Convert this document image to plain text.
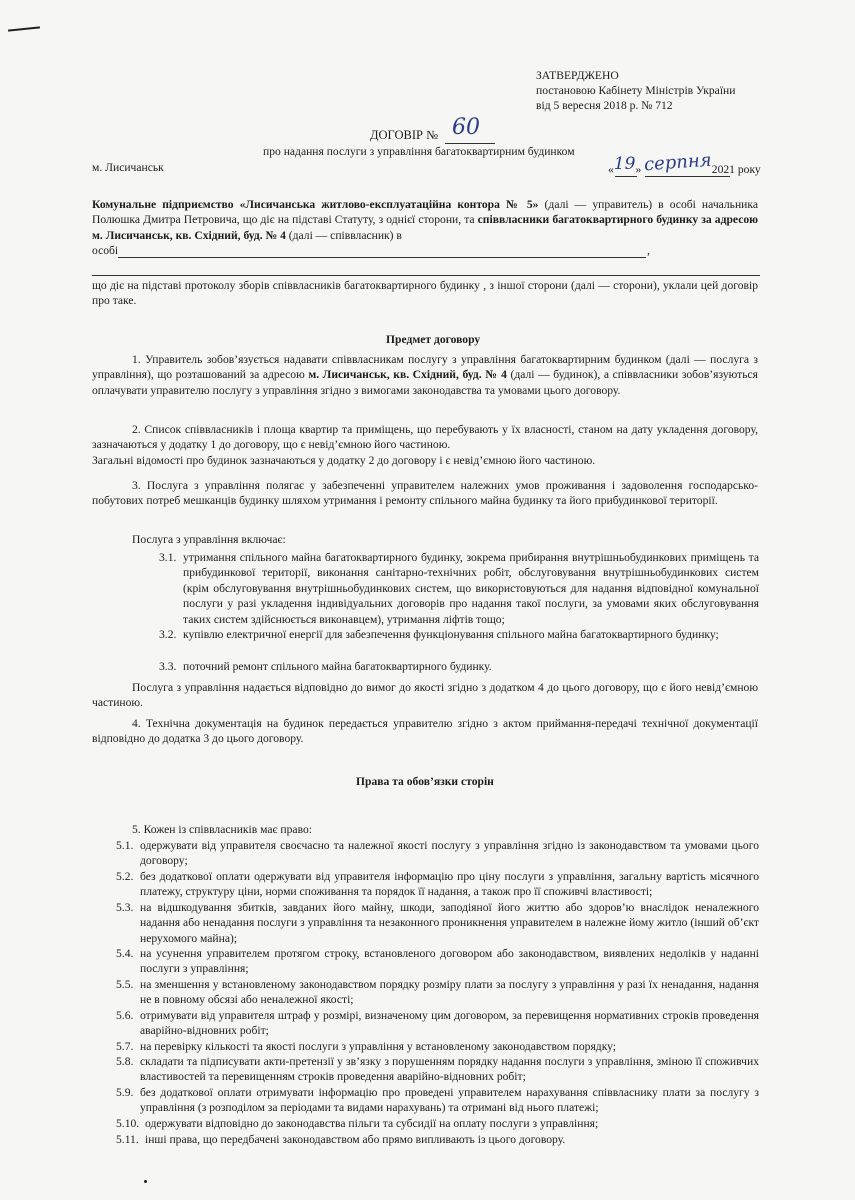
ЗАТВЕРДЖЕНО
постановою Кабінету Міністрів України
від 5 вересня 2018 р. № 712
ДОГОВІР № 60
про надання послуги з управління багатоквартирним будинком
м. Лисичанськ	«19» серпня2021 року
Комунальне підприємство «Лисичанська житлово-експлуатаційна контора № 5» (далі — управитель) в особі начальника Полюшка Дмитра Петровича, що діє на підставі Статуту, з однієї сторони, та співвласники багатоквартирного будинку за адресою м. Лисичанськ, кв. Східний, буд. № 4 (далі — співвласник) в
особі	,
що діє на підставі протоколу зборів співвласників багатоквартирного будинку , з іншої сторони (далі — сторони), уклали цей договір про таке.
Предмет договору
1. Управитель зобов’язується надавати співвласникам послугу з управління багатоквартирним будинком (далі — послуга з управління), що розташований за адресою м. Лисичанськ, кв. Східний, буд. № 4 (далі — будинок), а співвласники зобов’язуються оплачувати управителю послугу з управління згідно з вимогами законодавства та умовами цього договору.
2. Список співвласників і площа квартир та приміщень, що перебувають у їх власності, станом на дату укладення договору, зазначаються у додатку 1 до договору, що є невід’ємною його частиною.
Загальні відомості про будинок зазначаються у додатку 2 до договору і є невід’ємною його частиною.
3. Послуга з управління полягає у забезпеченні управителем належних умов проживання і задоволення господарсько-побутових потреб мешканців будинку шляхом утримання і ремонту спільного майна будинку та його прибудинкової території.
Послуга з управління включає:
3.1. утримання спільного майна багатоквартирного будинку, зокрема прибирання внутрішньобудинкових приміщень та прибудинкової території, виконання санітарно-технічних робіт, обслуговування внутрішньобудинкових систем (крім обслуговування внутрішньобудинкових систем, що використовуються для надання відповідної комунальної послуги у разі укладення індивідуальних договорів про надання такої послуги, за умовами яких обслуговування таких систем здійснюється виконавцем), утримання ліфтів тощо;
3.2. купівлю електричної енергії для забезпечення функціонування спільного майна багатоквартирного будинку;
3.3. поточний ремонт спільного майна багатоквартирного будинку.
Послуга з управління надається відповідно до вимог до якості згідно з додатком 4 до цього договору, що є його невід’ємною частиною.
4. Технічна документація на будинок передається управителю згідно з актом приймання-передачі технічної документації відповідно до додатка 3 до цього договору.
Права та обов’язки сторін
5. Кожен із співвласників має право:
5.1. одержувати від управителя своєчасно та належної якості послугу з управління згідно із законодавством та умовами цього договору;
5.2. без додаткової оплати одержувати від управителя інформацію про ціну послуги з управління, загальну вартість місячного платежу, структуру ціни, норми споживання та порядок її надання, а також про її споживчі властивості;
5.3. на відшкодування збитків, завданих його майну, шкоди, заподіяної його життю або здоров’ю внаслідок неналежного надання або ненадання послуги з управління та незаконного проникнення управителем в належне йому житло (інший об’єкт нерухомого майна);
5.4. на усунення управителем протягом строку, встановленого договором або законодавством, виявлених недоліків у наданні послуги з управління;
5.5. на зменшення у встановленому законодавством порядку розміру плати за послугу з управління у разі їх ненадання, надання не в повному обсязі або неналежної якості;
5.6. отримувати від управителя штраф у розмірі, визначеному цим договором, за перевищення нормативних строків проведення аварійно-відновних робіт;
5.7. на перевірку кількості та якості послуги з управління у встановленому законодавством порядку;
5.8. складати та підписувати акти-претензії у зв’язку з порушенням порядку надання послуги з управління, зміною її споживчих властивостей та перевищенням строків проведення аварійно-відновних робіт;
5.9. без додаткової оплати отримувати інформацію про проведені управителем нарахування співвласнику плати за послугу з управління (з розподілом за періодами та видами нарахувань) та отримані від нього платежі;
5.10. одержувати відповідно до законодавства пільги та субсидії на оплату послуги з управління;
5.11. інші права, що передбачені законодавством або прямо випливають із цього договору.
